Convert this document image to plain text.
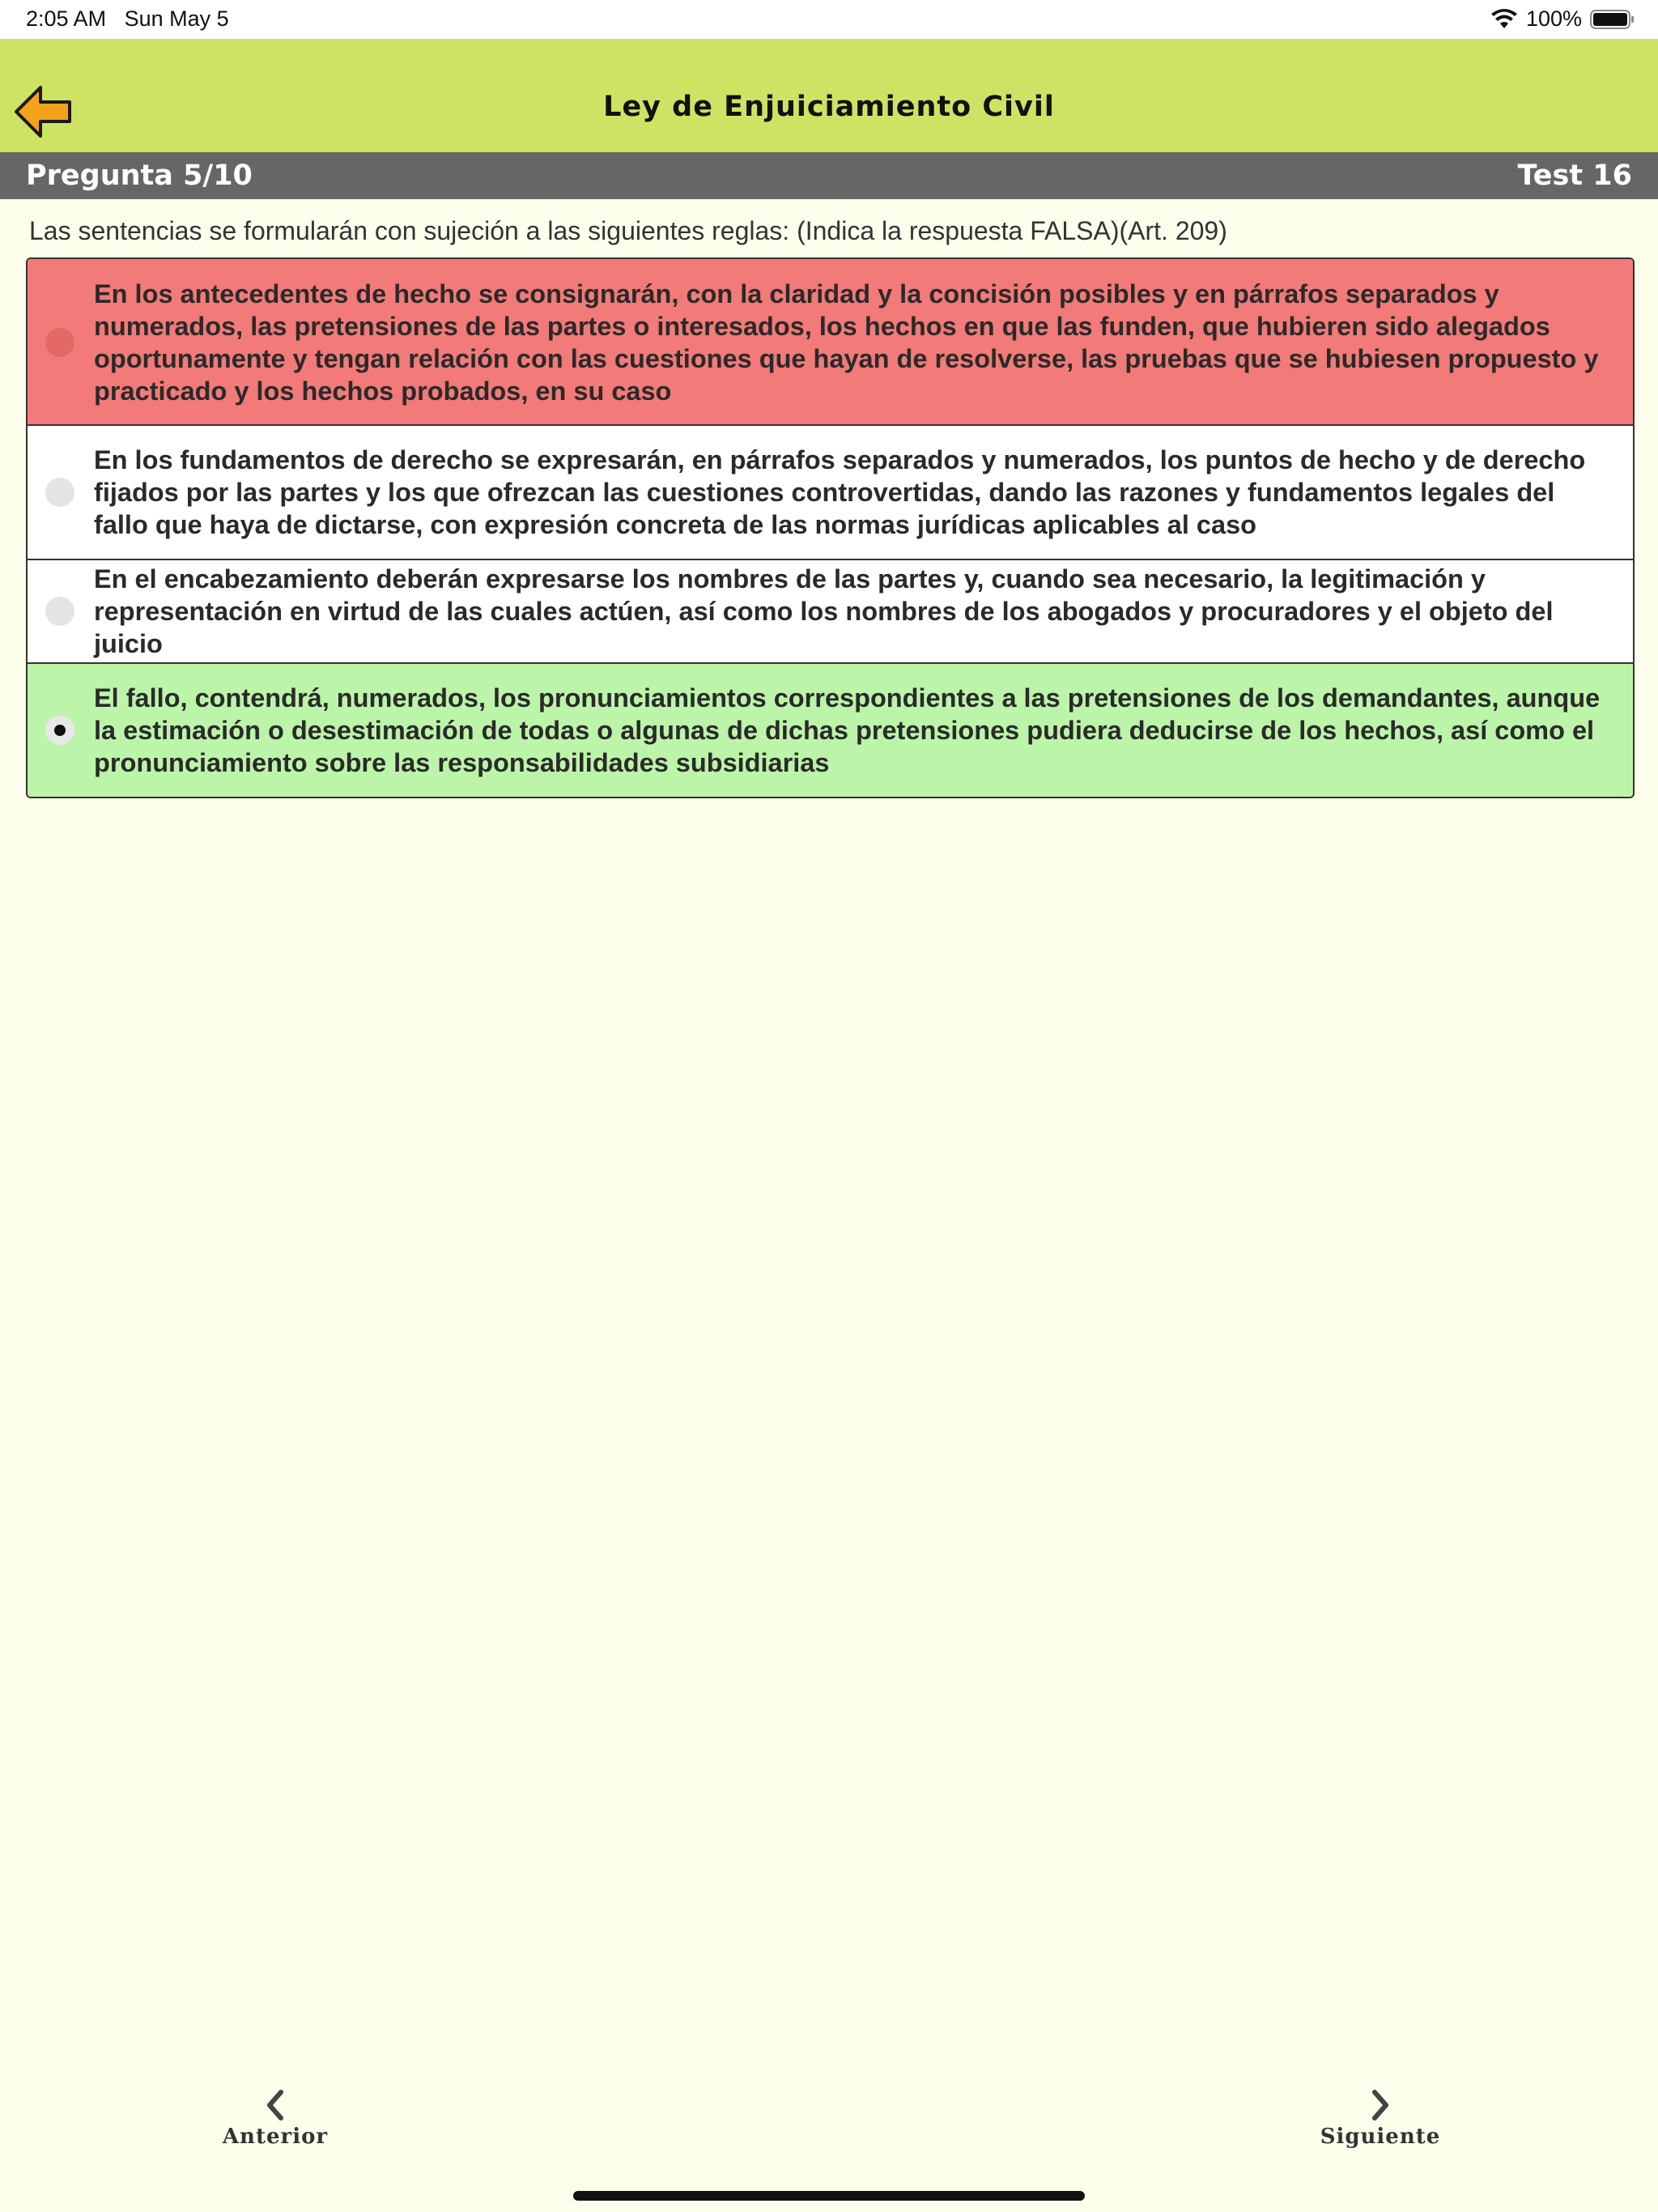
2:05 AM Sun May 5	100%
Ley de Enjuiciamiento Civil
Pregunta 5/10	Test 16
Las sentencias se formularán con sujeción a las siguientes reglas: (Indica la respuesta FALSA)(Art. 209)
En los antecedentes de hecho se consignarán, con la claridad y la concisión posibles y en párrafos separados y numerados, las pretensiones de las partes o interesados, los hechos en que las funden, que hubieren sido alegados oportunamente y tengan relación con las cuestiones que hayan de resolverse, las pruebas que se hubiesen propuesto y practicado y los hechos probados, en su caso
En los fundamentos de derecho se expresarán, en párrafos separados y numerados, los puntos de hecho y de derecho fijados por las partes y los que ofrezcan las cuestiones controvertidas, dando las razones y fundamentos legales del fallo que haya de dictarse, con expresión concreta de las normas jurídicas aplicables al caso
En el encabezamiento deberán expresarse los nombres de las partes y, cuando sea necesario, la legitimación y representación en virtud de las cuales actúen, así como los nombres de los abogados y procuradores y el objeto del juicio
El fallo, contendrá, numerados, los pronunciamientos correspondientes a las pretensiones de los demandantes, aunque la estimación o desestimación de todas o algunas de dichas pretensiones pudiera deducirse de los hechos, así como el pronunciamiento sobre las responsabilidades subsidiarias
Anterior	Siguiente
